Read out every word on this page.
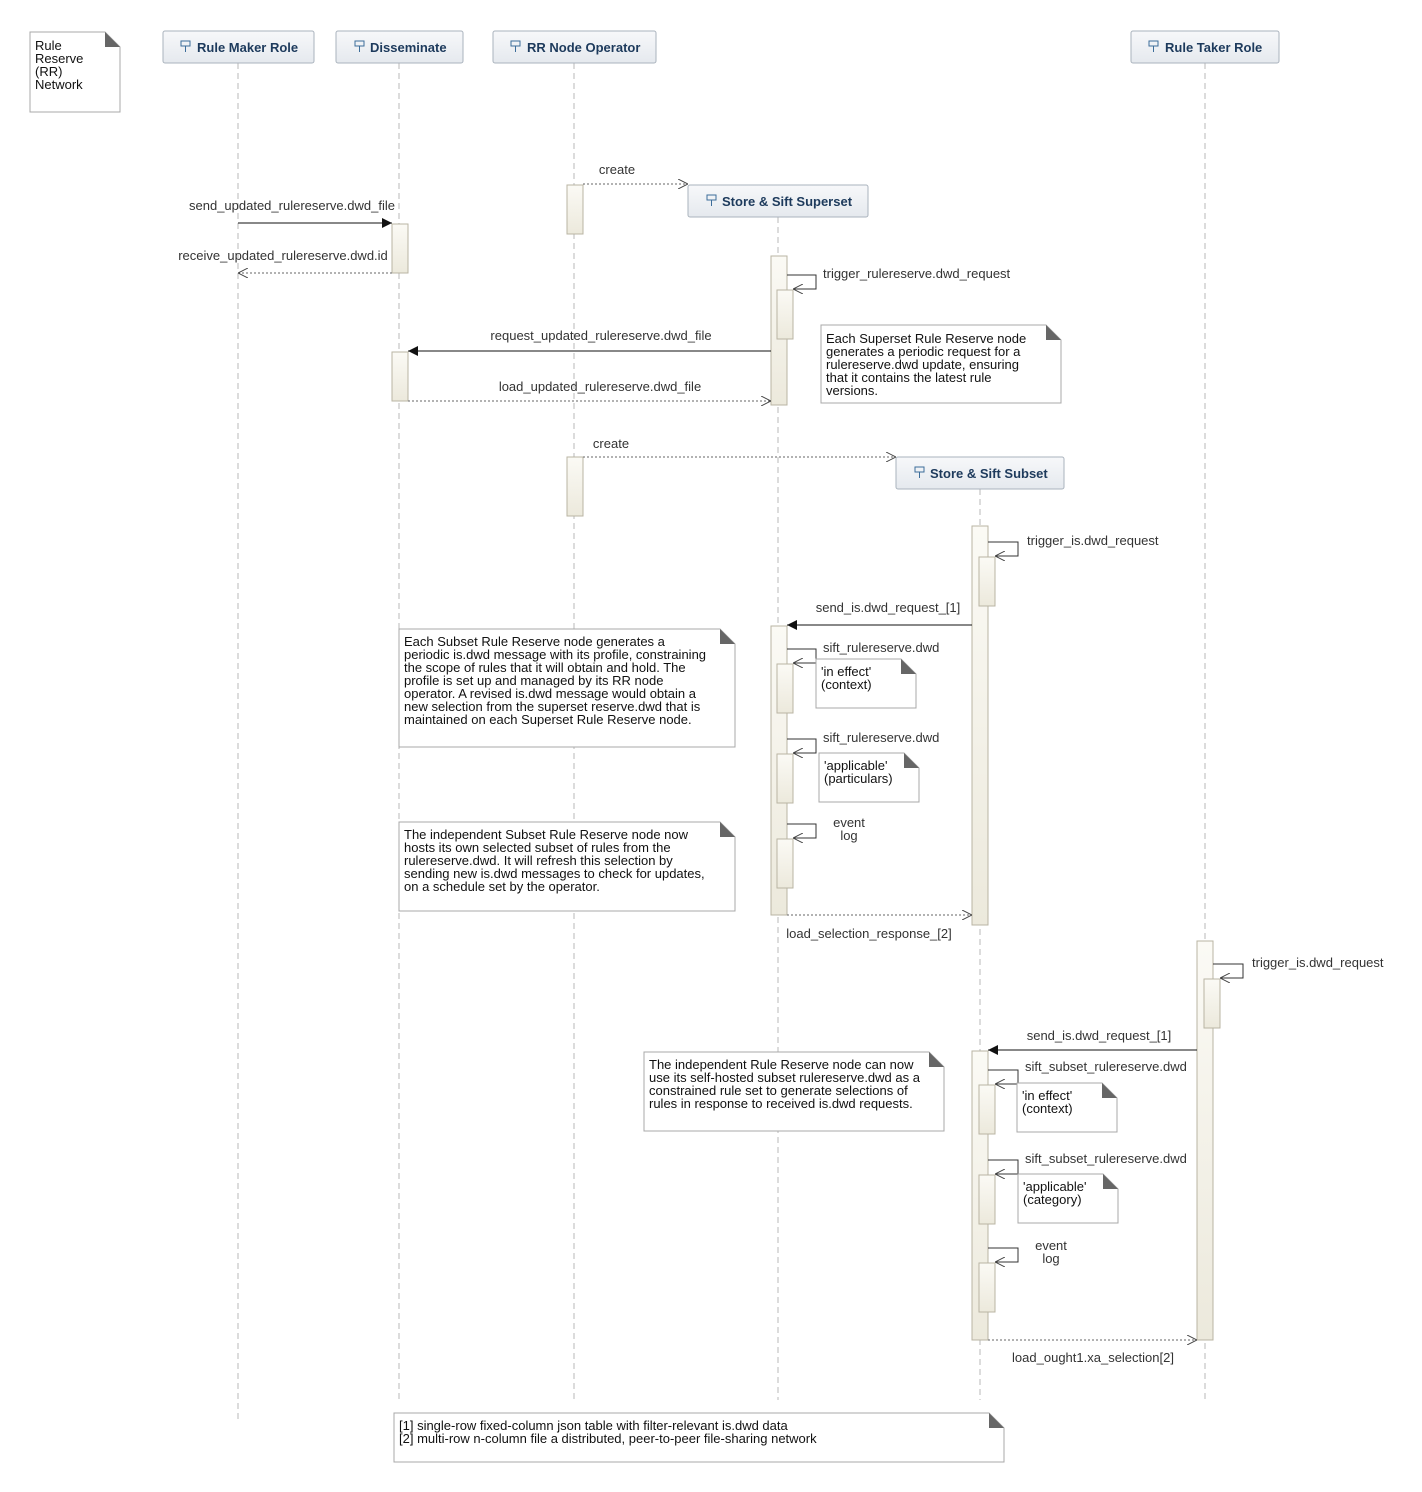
Rule
Reserve
(RR)
Network
Rule Maker Role	Disseminate	RR Node Operator	Rule Taker Role
Store & Sift Superset
Store & Sift Subset
create
send_updated_rulereserve.dwd_file
receive_updated_rulereserve.dwd.id
trigger_rulereserve.dwd_request
request_updated_rulereserve.dwd_file
load_updated_rulereserve.dwd_file
create
trigger_is.dwd_request
send_is.dwd_request_[1]
sift_rulereserve.dwd
sift_rulereserve.dwd
event
log
load_selection_response_[2]
trigger_is.dwd_request
send_is.dwd_request_[1]
sift_subset_rulereserve.dwd
sift_subset_rulereserve.dwd
event
log
load_ought1.xa_selection[2]
Each Superset Rule Reserve node
generates a periodic request for a
rulereserve.dwd update, ensuring
that it contains the latest rule
versions.
Each Subset Rule Reserve node generates a
periodic is.dwd message with its profile, constraining
the scope of rules that it will obtain and hold. The
profile is set up and managed by its RR node
operator. A revised is.dwd message would obtain a
new selection from the superset reserve.dwd that is
maintained on each Superset Rule Reserve node.
'in effect'
(context)
'applicable'
(particulars)
The independent Subset Rule Reserve node now
hosts its own selected subset of rules from the
rulereserve.dwd. It will refresh this selection by
sending new is.dwd messages to check for updates,
on a schedule set by the operator.
The independent Rule Reserve node can now
use its self-hosted subset rulereserve.dwd as a
constrained rule set to generate selections of
rules in response to received is.dwd requests.
'in effect'
(context)
'applicable'
(category)
[1] single-row fixed-column json table with filter-relevant is.dwd data
[2] multi-row n-column file a distributed, peer-to-peer file-sharing network
